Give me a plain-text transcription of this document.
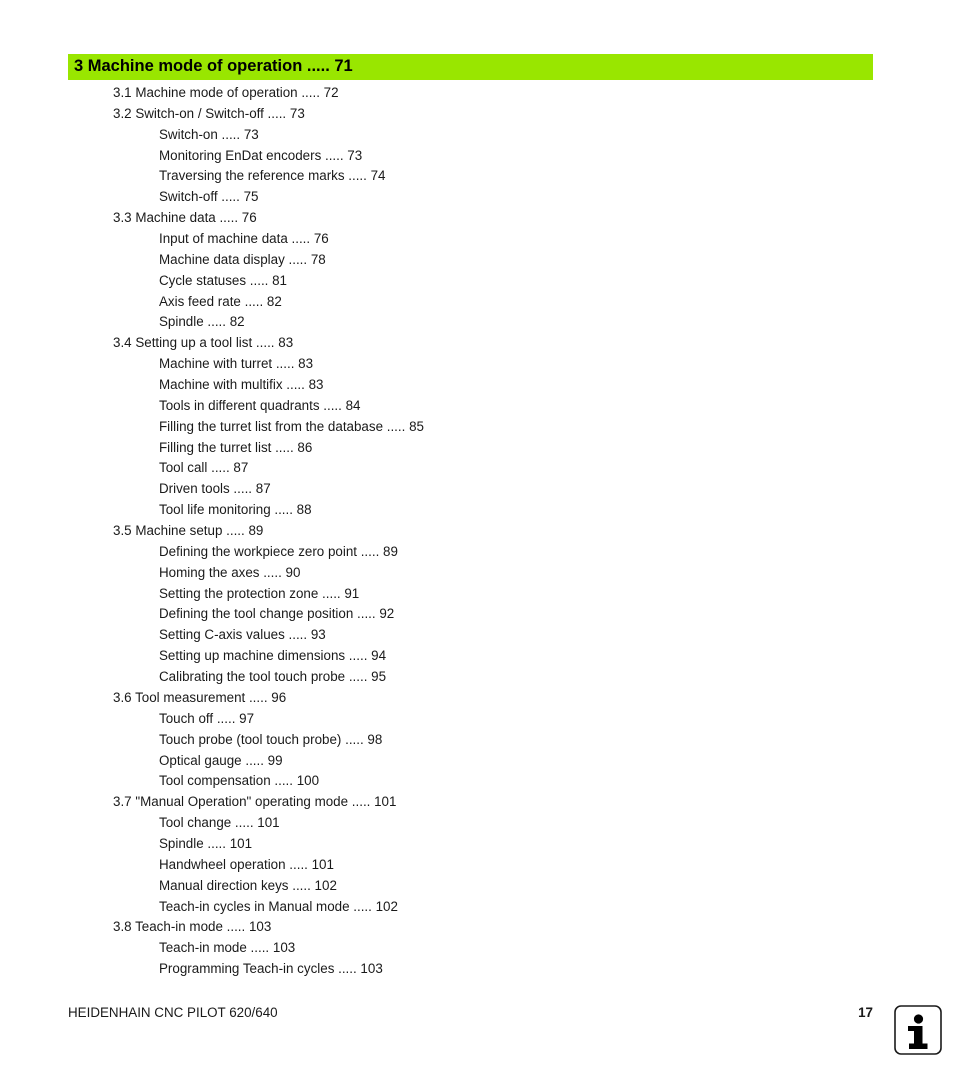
3 Machine mode of operation ..... 71
3.1 Machine mode of operation ..... 72
3.2 Switch-on / Switch-off ..... 73
Switch-on ..... 73
Monitoring EnDat encoders ..... 73
Traversing the reference marks ..... 74
Switch-off ..... 75
3.3 Machine data ..... 76
Input of machine data ..... 76
Machine data display ..... 78
Cycle statuses ..... 81
Axis feed rate ..... 82
Spindle ..... 82
3.4 Setting up a tool list ..... 83
Machine with turret ..... 83
Machine with multifix ..... 83
Tools in different quadrants ..... 84
Filling the turret list from the database ..... 85
Filling the turret list ..... 86
Tool call ..... 87
Driven tools ..... 87
Tool life monitoring ..... 88
3.5 Machine setup ..... 89
Defining the workpiece zero point ..... 89
Homing the axes ..... 90
Setting the protection zone ..... 91
Defining the tool change position ..... 92
Setting C-axis values ..... 93
Setting up machine dimensions ..... 94
Calibrating the tool touch probe ..... 95
3.6 Tool measurement ..... 96
Touch off ..... 97
Touch probe (tool touch probe) ..... 98
Optical gauge ..... 99
Tool compensation ..... 100
3.7 "Manual Operation" operating mode ..... 101
Tool change ..... 101
Spindle ..... 101
Handwheel operation ..... 101
Manual direction keys ..... 102
Teach-in cycles in Manual mode ..... 102
3.8 Teach-in mode ..... 103
Teach-in mode ..... 103
Programming Teach-in cycles ..... 103
HEIDENHAIN CNC PILOT 620/640	17
